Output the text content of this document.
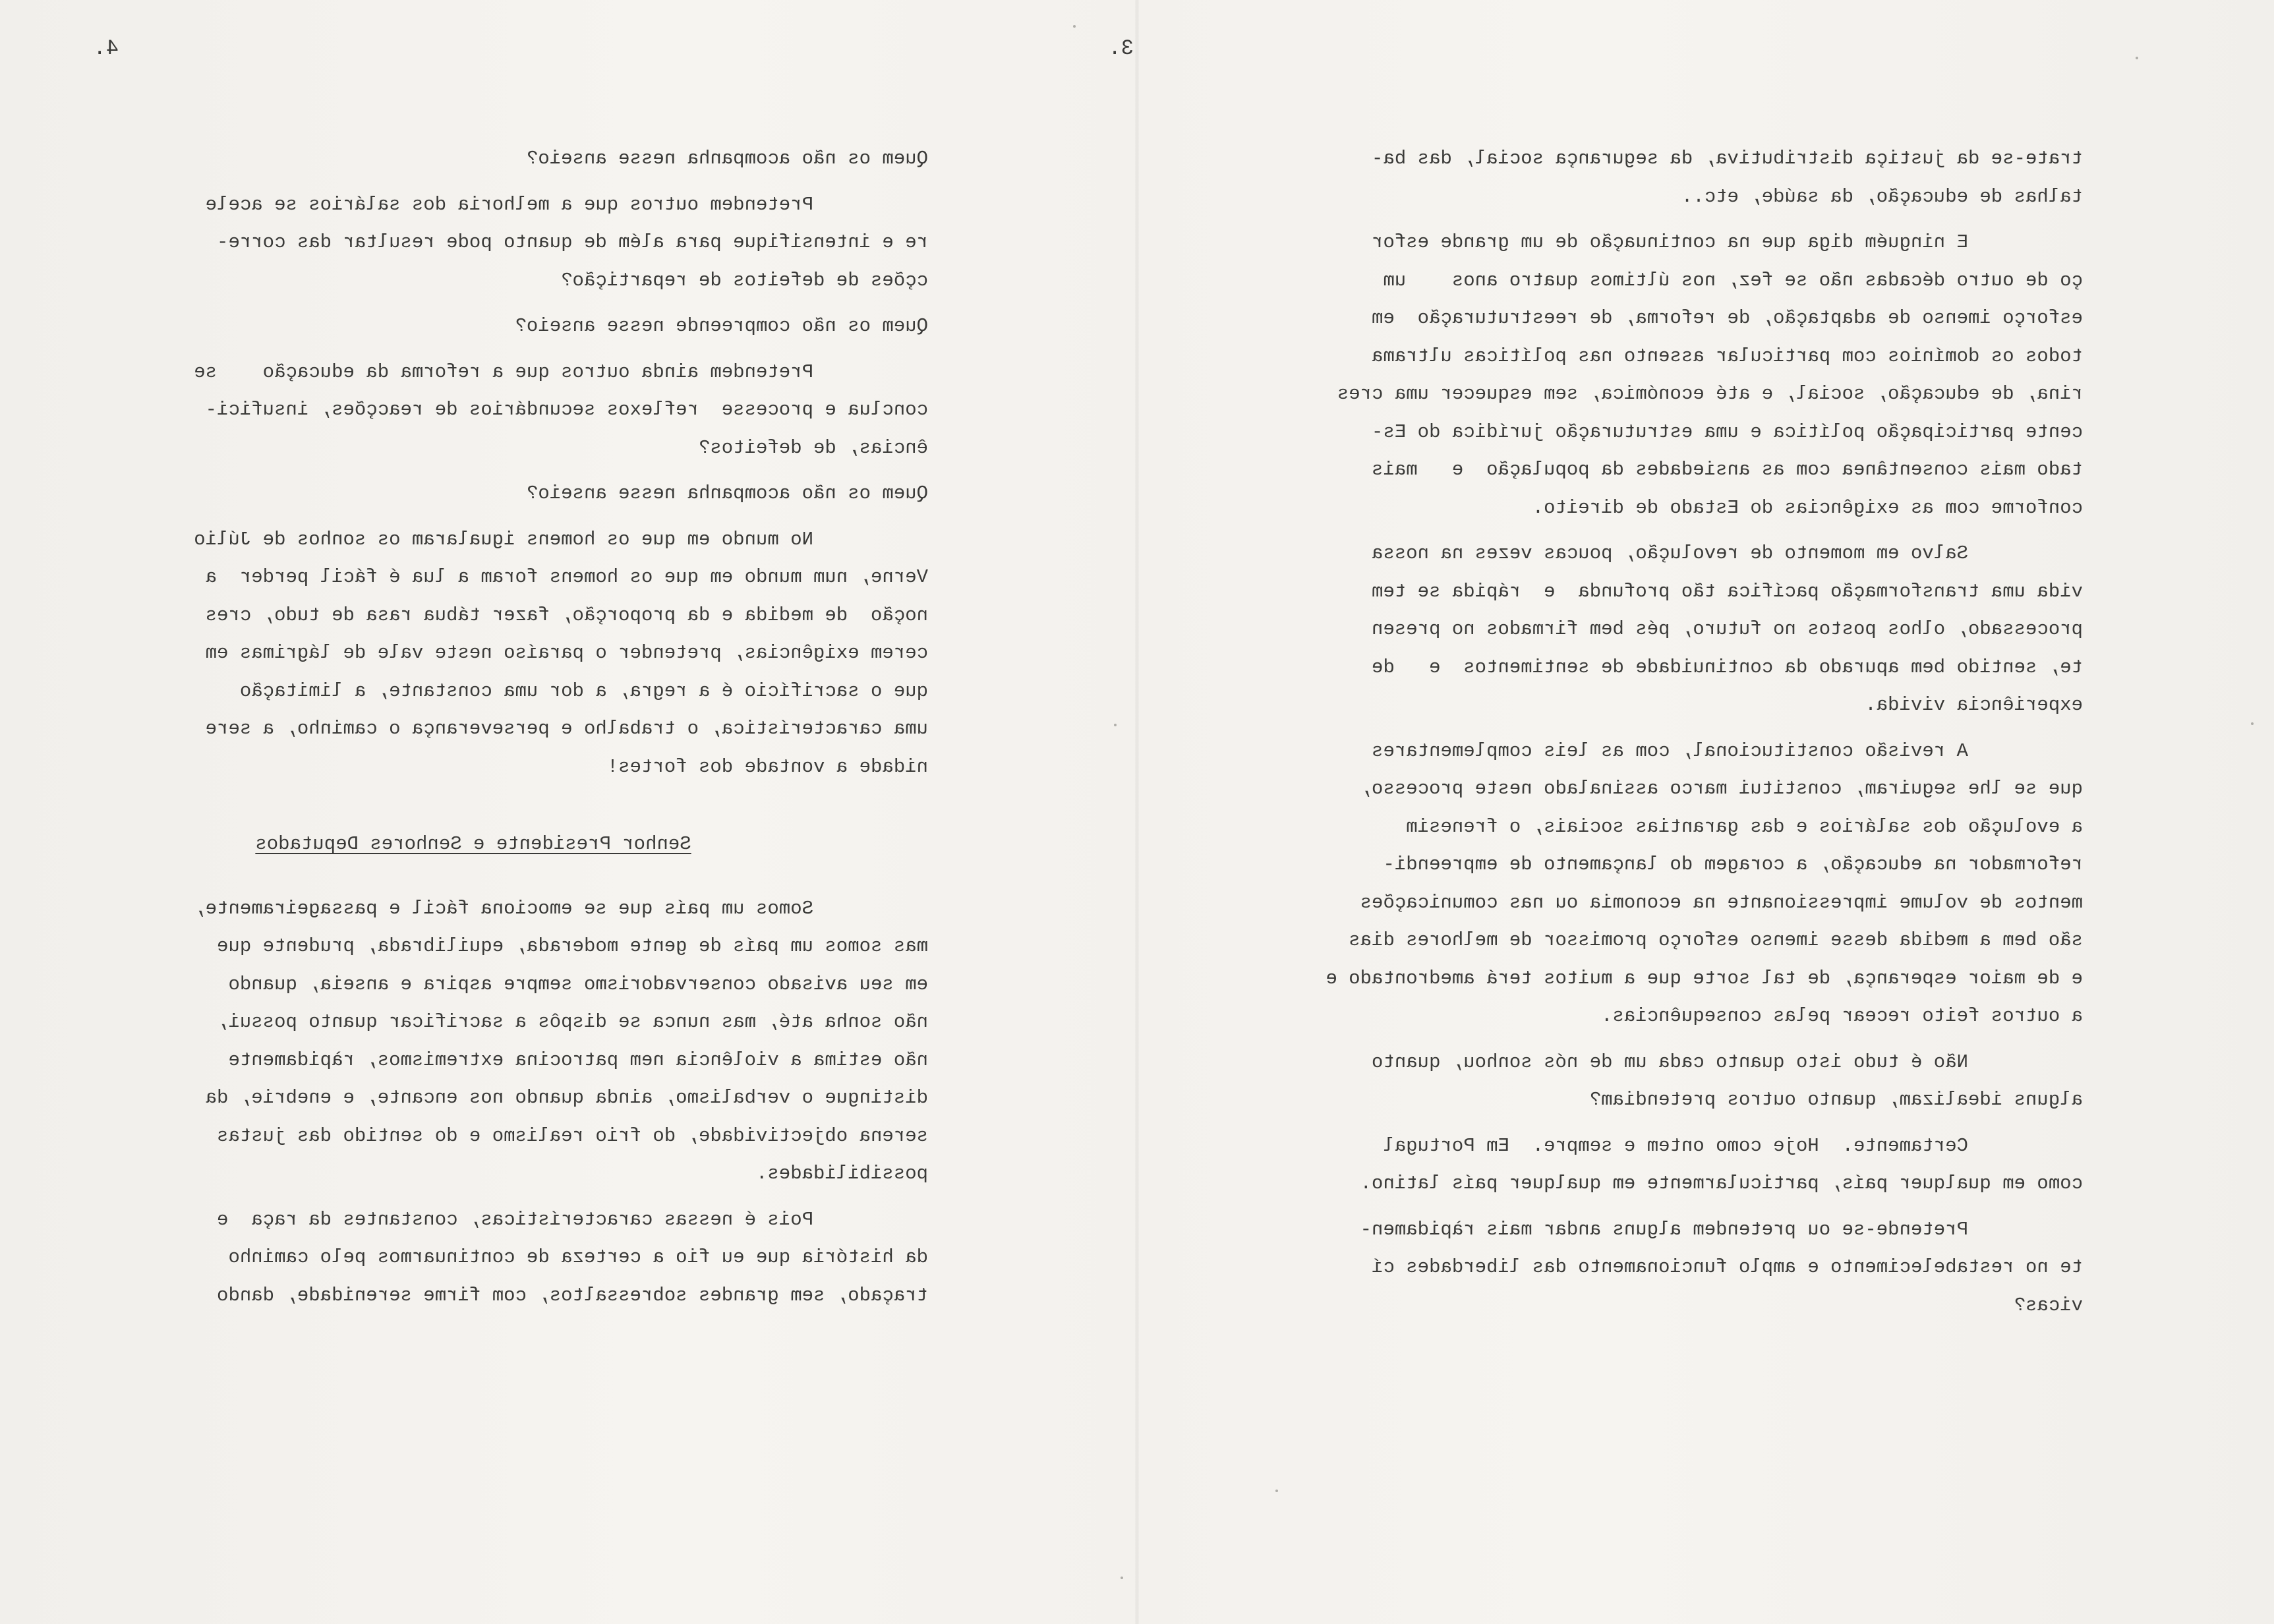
4.
Quem os não acompanha nesse anseio?
Pretendem outros que a melhoria dos salários se acele
re e intensifique para além de quanto pode resultar das corre-
cções de defeitos de repartição?
Quem os não compreende nesse anseio?
Pretendem ainda outros que a reforma da educação    se
conclua e processe  reflexos secundários de reacções, insufici-
ências, de defeitos?
Quem os não acompanha nesse anseio?
No mundo em que os homens igualaram os sonhos de Júlio
Verne, num mundo em que os homens foram a lua é fácil perder  a
noção  de medida e da proporção, fazer tábua rasa de tudo, cres
cerem exigências, pretender o paraíso neste vale de lágrimas em
que o sacrifício é a regra, a dor uma constante, a limitação
uma característica, o trabalho e perseverança o caminho, a sere
nidade a vontade dos fortes!
Senhor Presidente e Senhores Deputados
Somos um país que se emociona fácil e passageiramente,
mas somos um país de gente moderada, equilibrada, prudente que
em seu avisado conservadorismo sempre aspira e anseia, quando
não sonha até, mas nunca se dispôs a sacrificar quanto possui,
não estima a violência nem patrocina extremismos, ràpidamente
distingue o verbalismo, ainda quando nos encante, e enebrie, da
serena objectividade, do frio realismo e do sentido das justas
possibilidades.
Pois é nessas características, constantes da raça  e
da história que eu fio a certeza de continuarmos pelo caminho
traçado, sem grandes sobressaltos, com firme serenidade, dando
3.
trate-se da justiça distributiva, da segurança social, das ba-
talhas de educação, da saúde, etc..
E ninguém diga que na continuação de um grande esfor
ço de outro décadas não se fez, nos últimos quatro anos    um
esforço imenso de adaptação, de reforma, de reestruturação  em
todos os domínios com particular assento nas políticas ultrama
rina, de educação, social, e até económica, sem esquecer uma cres
cente participação política e uma estruturação jurídica do Es-
tado mais consentânea com as ansiedades da população  e   mais
conforme com as exigências do Estado de direito.
Salvo em momento de revolução, poucas vezes na nossa
vida uma transformação pacífica tão profunda  e  rápida se tem
processado, olhos postos no futuro, pés bem firmados no presen
te, sentido bem apurado da continuidade de sentimentos  e   de
experiência vivida.
A revisão constitucional, com as leis complementares
que se lhe seguiram, constitui marco assinalado neste processo,
a evolução dos salários e das garantias sociais, o frenesim
reformador na educação, a coragem do lançamento de empreendi-
mentos de volume impressionante na economia ou nas comunicações
são bem a medida desse imenso esforço promissor de melhores dias
e de maior esperança, de tal sorte que a muitos terá amedrontado e
a outros feito recear pelas consequências.
Não é tudo isto quanto cada um de nós sonhou, quanto
alguns idealizam, quanto outros pretendiam?
Certamente.  Hoje como ontem e sempre.  Em Portugal
como em qualquer país, particularmente em qualquer país latino.
Pretende-se ou pretendem alguns andar mais ràpidamen-
te no restabelecimento e amplo funcionamento das liberdades cí
vicas?
